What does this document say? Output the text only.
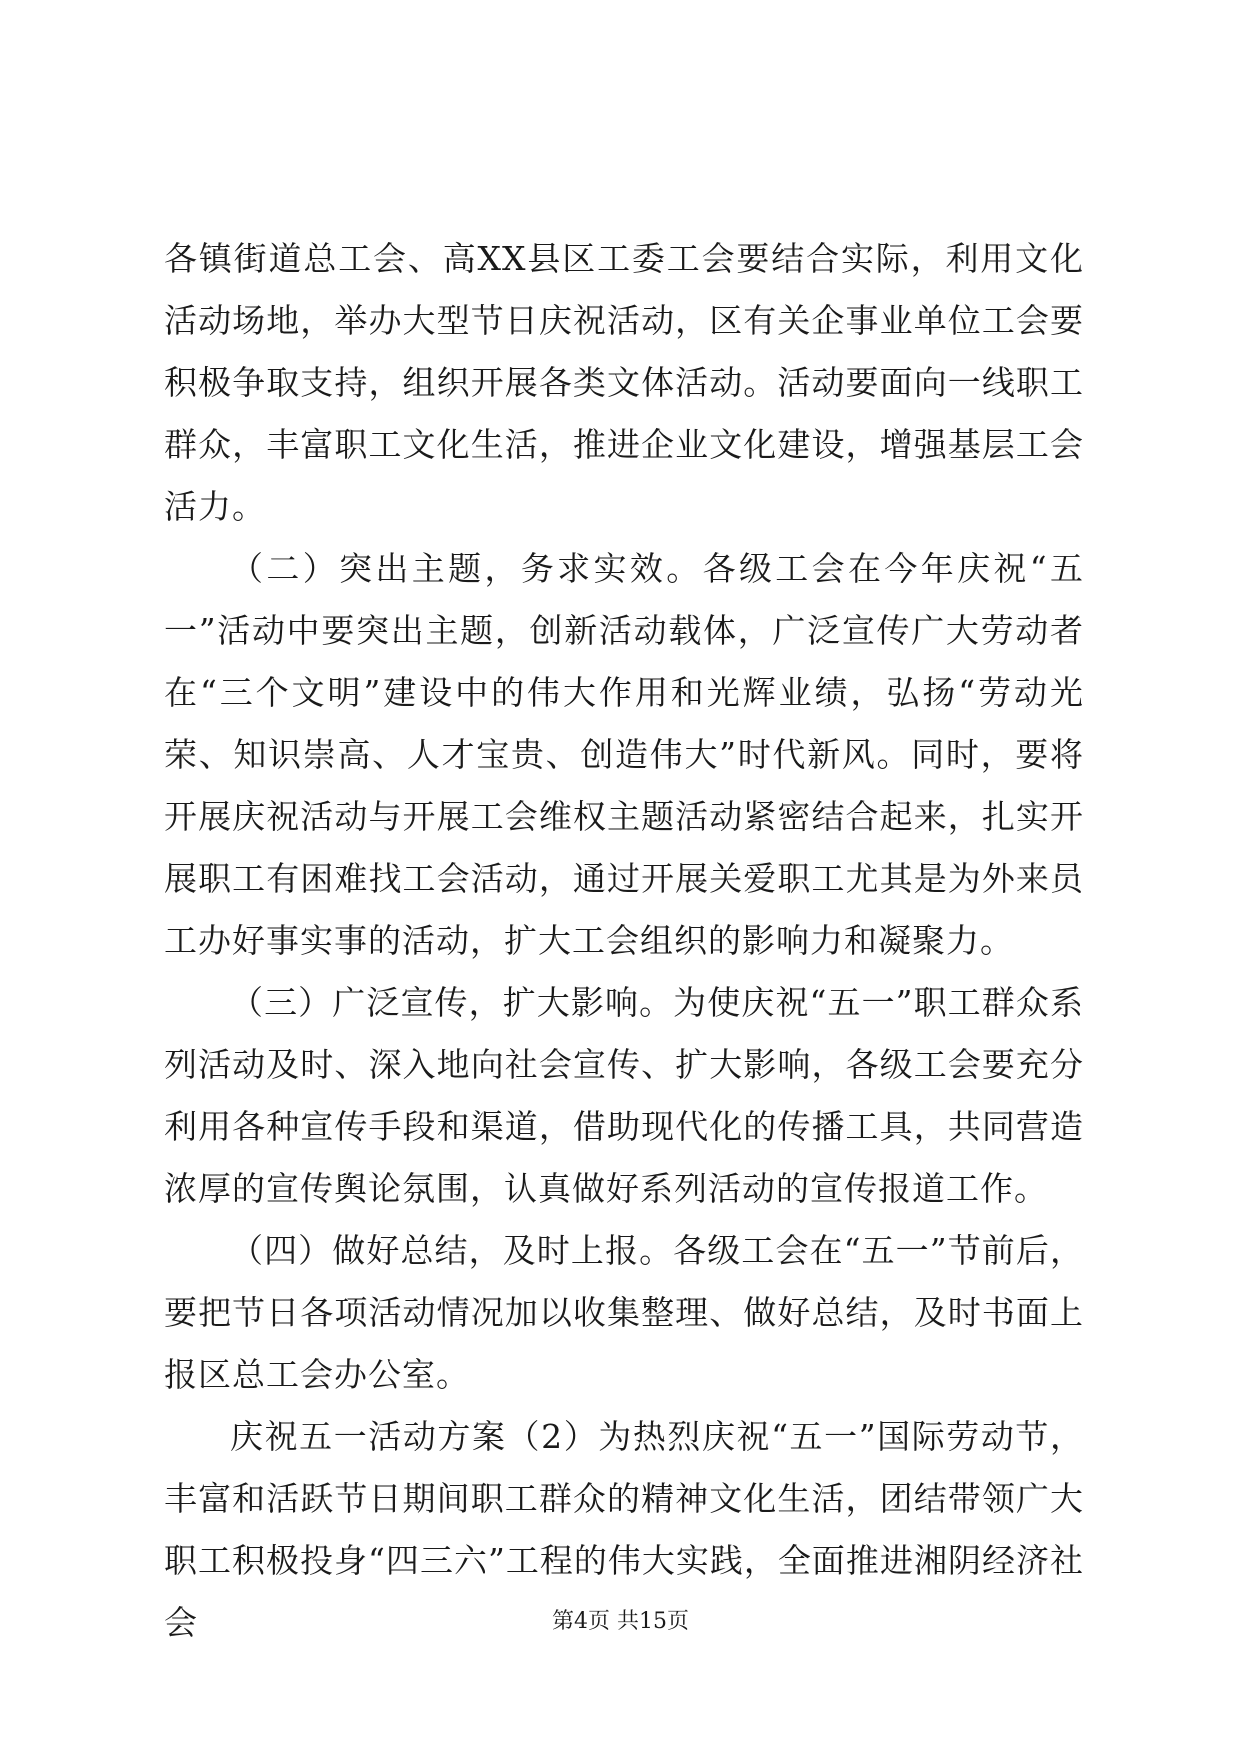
各镇街道总工会、高XX县区工委工会要结合实际，利用文化活动场地，举办大型节日庆祝活动，区有关企事业单位工会要积极争取支持，组织开展各类文体活动。活动要面向一线职工群众，丰富职工文化生活，推进企业文化建设，增强基层工会活力。

（二）突出主题，务求实效。各级工会在今年庆祝“五一”活动中要突出主题，创新活动载体，广泛宣传广大劳动者在“三个文明”建设中的伟大作用和光辉业绩，弘扬“劳动光荣、知识崇高、人才宝贵、创造伟大”时代新风。同时，要将开展庆祝活动与开展工会维权主题活动紧密结合起来，扎实开展职工有困难找工会活动，通过开展关爱职工尤其是为外来员工办好事实事的活动，扩大工会组织的影响力和凝聚力。

（三）广泛宣传，扩大影响。为使庆祝“五一”职工群众系列活动及时、深入地向社会宣传、扩大影响，各级工会要充分利用各种宣传手段和渠道，借助现代化的传播工具，共同营造浓厚的宣传舆论氛围，认真做好系列活动的宣传报道工作。

（四）做好总结，及时上报。各级工会在“五一”节前后，要把节日各项活动情况加以收集整理、做好总结，及时书面上报区总工会办公室。

庆祝五一活动方案（2）为热烈庆祝“五一”国际劳动节，丰富和活跃节日期间职工群众的精神文化生活，团结带领广大职工积极投身“四三六”工程的伟大实践，全面推进湘阴经济社会	第4页 共15页
